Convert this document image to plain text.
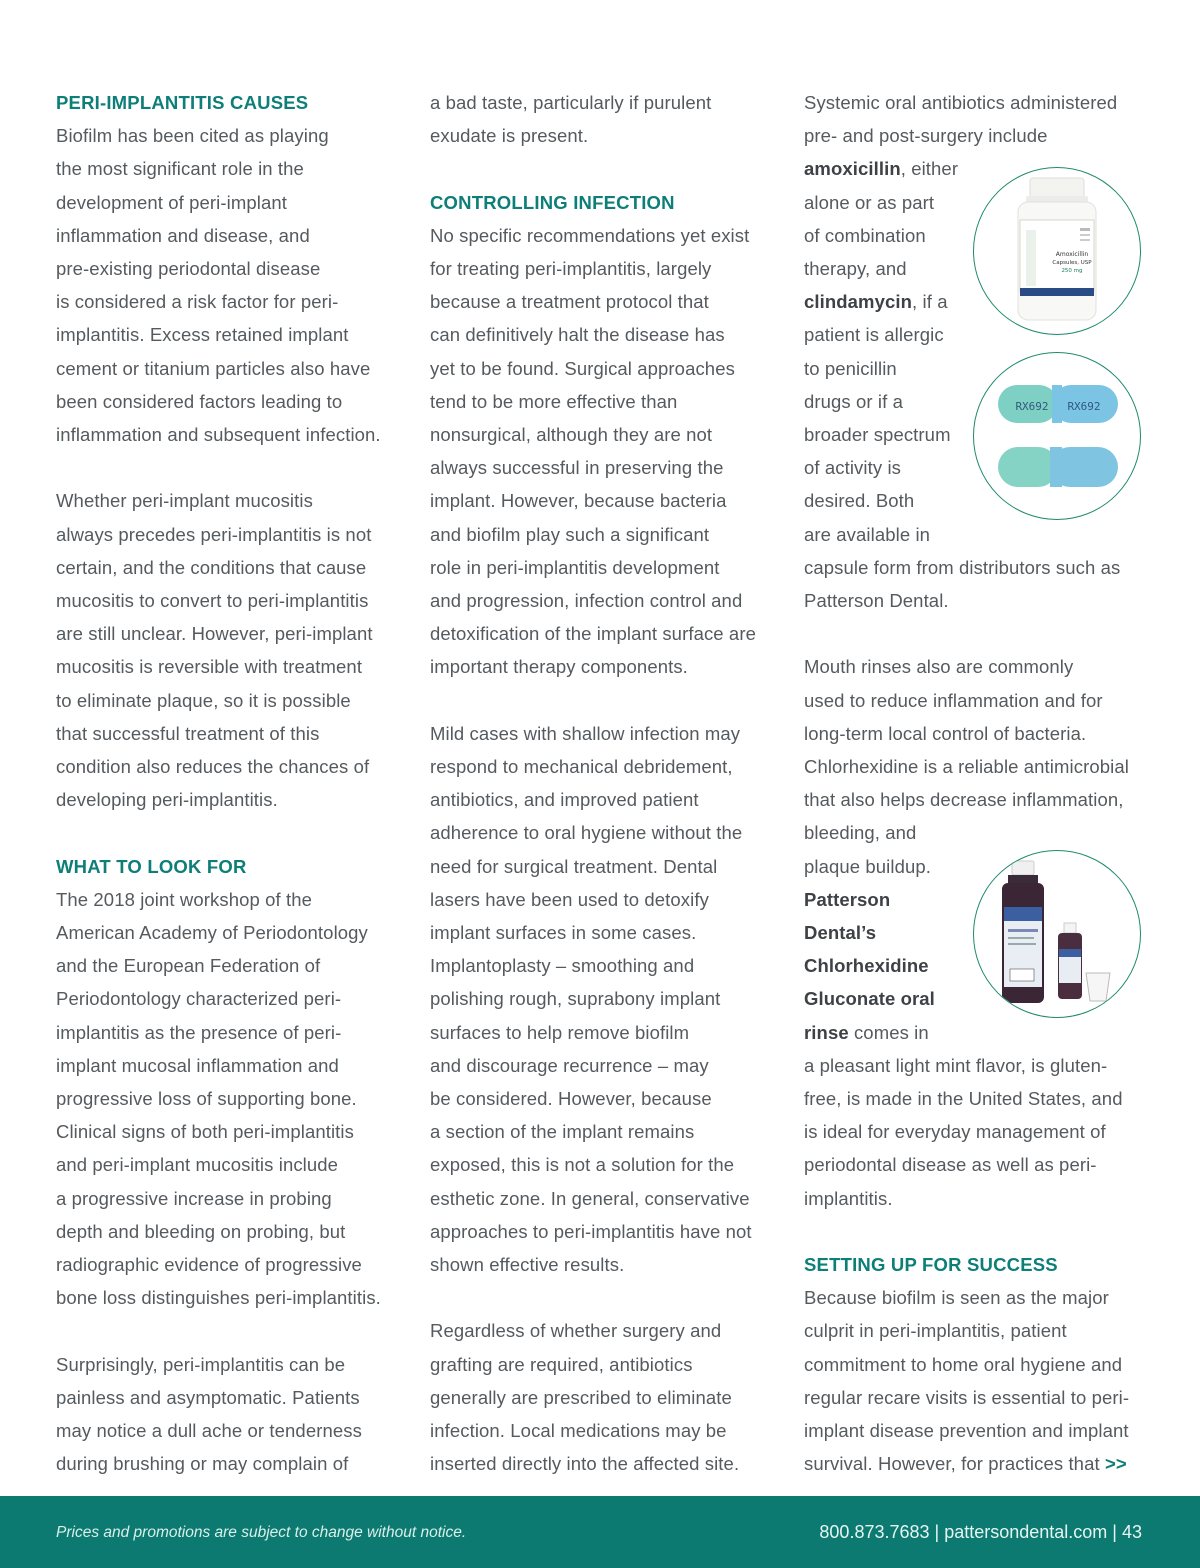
PERI-IMPLANTITIS CAUSES

Biofilm has been cited as playing

the most significant role in the

development of peri-implant

inflammation and disease, and

pre-existing periodontal disease

is considered a risk factor for peri-

implantitis. Excess retained implant

cement or titanium particles also have

been considered factors leading to

inflammation and subsequent infection.

Whether peri-implant mucositis

always precedes peri-implantitis is not

certain, and the conditions that cause

mucositis to convert to peri-implantitis

are still unclear. However, peri-implant

mucositis is reversible with treatment

to eliminate plaque, so it is possible

that successful treatment of this

condition also reduces the chances of

developing peri-implantitis.

WHAT TO LOOK FOR

The 2018 joint workshop of the

American Academy of Periodontology

and the European Federation of

Periodontology characterized peri-

implantitis as the presence of peri-

implant mucosal inflammation and

progressive loss of supporting bone.

Clinical signs of both peri-implantitis

and peri-implant mucositis include

a progressive increase in probing

depth and bleeding on probing, but

radiographic evidence of progressive

bone loss distinguishes peri-implantitis.

Surprisingly, peri-implantitis can be

painless and asymptomatic. Patients

may notice a dull ache or tenderness

during brushing or may complain of

a bad taste, particularly if purulent

exudate is present.

CONTROLLING INFECTION

No specific recommendations yet exist

for treating peri-implantitis, largely

because a treatment protocol that

can definitively halt the disease has

yet to be found. Surgical approaches

tend to be more effective than

nonsurgical, although they are not

always successful in preserving the

implant. However, because bacteria

and biofilm play such a significant

role in peri-implantitis development

and progression, infection control and

detoxification of the implant surface are

important therapy components.

Mild cases with shallow infection may

respond to mechanical debridement,

antibiotics, and improved patient

adherence to oral hygiene without the

need for surgical treatment. Dental

lasers have been used to detoxify

implant surfaces in some cases.

Implantoplasty – smoothing and

polishing rough, suprabony implant

surfaces to help remove biofilm

and discourage recurrence – may

be considered. However, because

a section of the implant remains

exposed, this is not a solution for the

esthetic zone. In general, conservative

approaches to peri-implantitis have not

shown effective results.

Regardless of whether surgery and

grafting are required, antibiotics

generally are prescribed to eliminate

infection. Local medications may be

inserted directly into the affected site.

Systemic oral antibiotics administered

pre- and post-surgery include

amoxicillin, either

alone or as part

of combination

therapy, and

clindamycin, if a

patient is allergic

to penicillin

drugs or if a

broader spectrum

of activity is

desired. Both

are available in

capsule form from distributors such as

Patterson Dental.

Mouth rinses also are commonly

used to reduce inflammation and for

long-term local control of bacteria.

Chlorhexidine is a reliable antimicrobial

that also helps decrease inflammation,

bleeding, and

plaque buildup.

Patterson

Dental’s

Chlorhexidine

Gluconate oral

rinse comes in

a pleasant light mint flavor, is gluten-

free, is made in the United States, and

is ideal for everyday management of

periodontal disease as well as peri-

implantitis.

SETTING UP FOR SUCCESS

Because biofilm is seen as the major

culprit in peri-implantitis, patient

commitment to home oral hygiene and

regular recare visits is essential to peri-

implant disease prevention and implant

survival. However, for practices that >>

Amoxicillin
Capsules, USP
250 mg
RX692 RX692
Prices and promotions are subject to change without notice.	800.873.7683 | pattersondental.com | 43
